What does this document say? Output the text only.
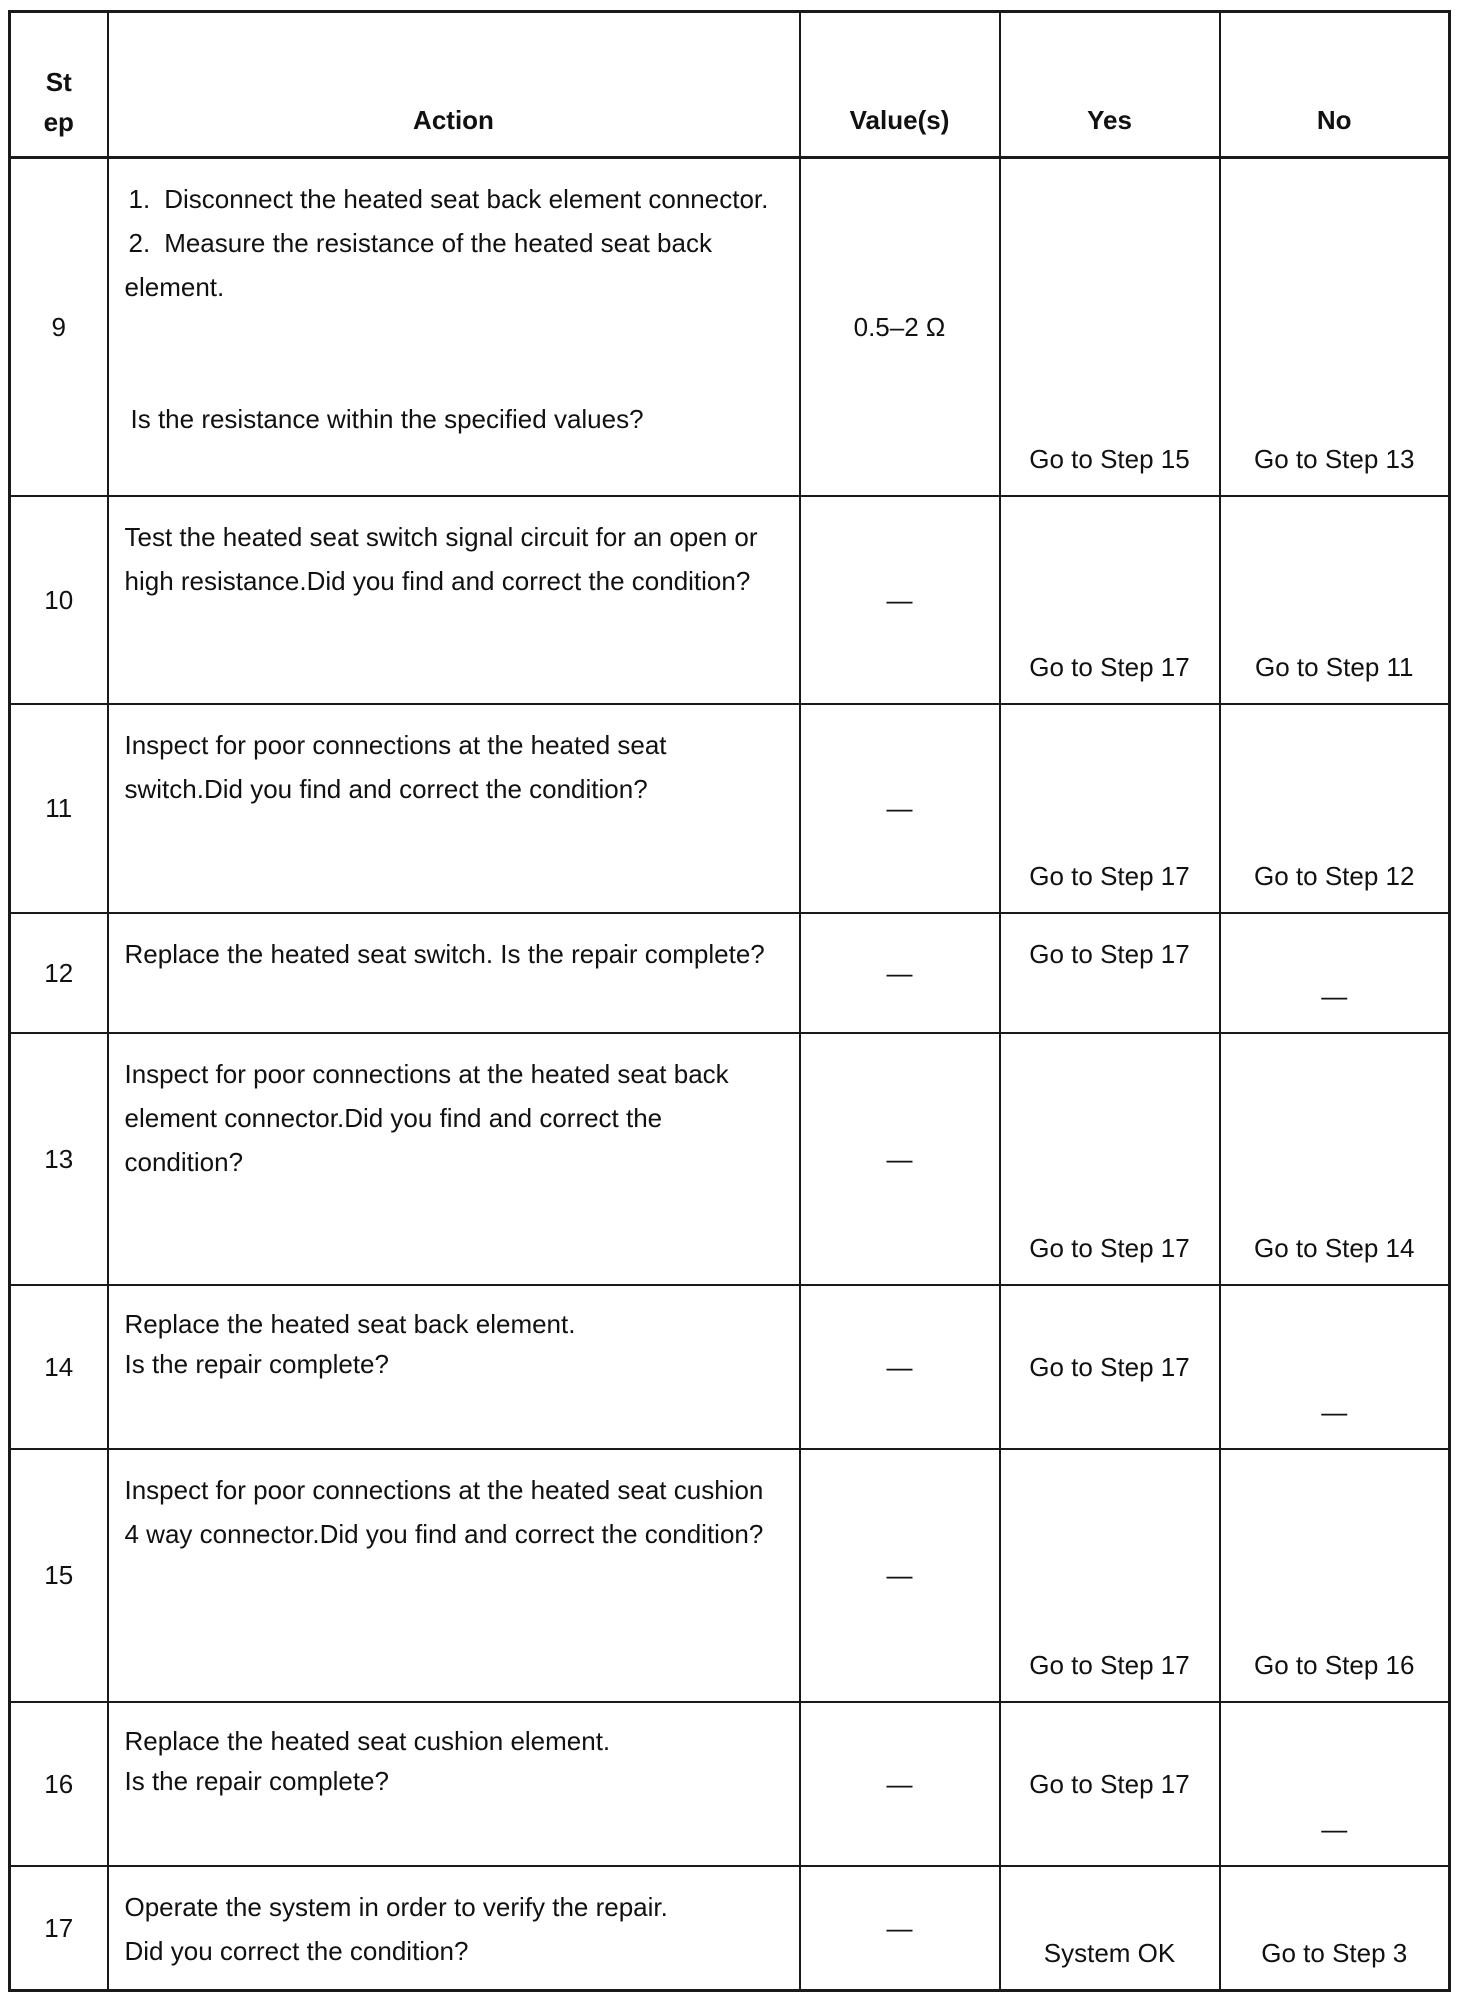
St
ep	Action	Value(s)	Yes	No
9	1. Disconnect the heated seat back element connector.
2. Measure the resistance of the heated seat back element.
Is the resistance within the specified values?	0.5–2 Ω	Go to Step 15	Go to Step 13

10	Test the heated seat switch signal circuit for an open or high resistance.Did you find and correct the condition?	—	Go to Step 17	Go to Step 11

11	Inspect for poor connections at the heated seat switch.Did you find and correct the condition?	—	Go to Step 17	Go to Step 12

12	Replace the heated seat switch. Is the repair complete?	—	Go to Step 17	—

13	Inspect for poor connections at the heated seat back element connector.Did you find and correct the condition?	—	Go to Step 17	Go to Step 14

14	Replace the heated seat back element.
Is the repair complete?	—	Go to Step 17	—

15	Inspect for poor connections at the heated seat cushion 4 way connector.Did you find and correct the condition?	—	Go to Step 17	Go to Step 16

16	Replace the heated seat cushion element.
Is the repair complete?	—	Go to Step 17	—

17	Operate the system in order to verify the repair.
Did you correct the condition?	—	System OK	Go to Step 3
